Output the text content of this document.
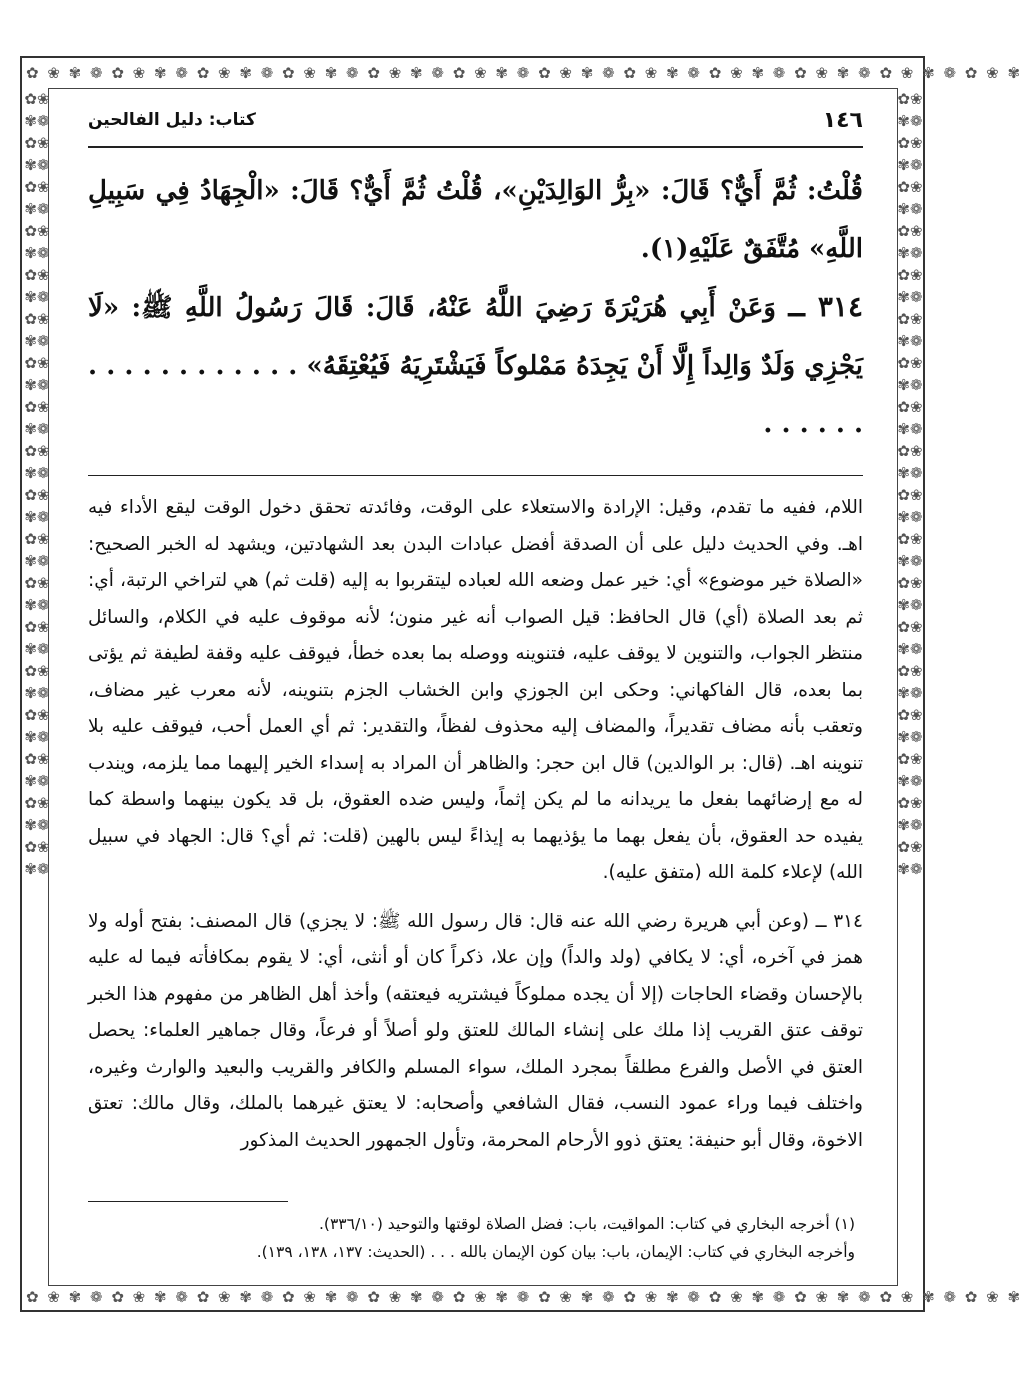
✿ ❀ ✾ ❁ ✿ ❀ ✾ ❁ ✿ ❀ ✾ ❁ ✿ ❀ ✾ ❁ ✿ ❀ ✾ ❁ ✿ ❀ ✾ ❁ ✿ ❀ ✾ ❁ ✿ ❀ ✾ ❁ ✿ ❀ ✾ ❁ ✿ ❀ ✾ ❁ ✿ ❀ ✾ ❁ ✿ ❀ ✾
✿ ❀ ✾ ❁ ✿ ❀ ✾ ❁ ✿ ❀ ✾ ❁ ✿ ❀ ✾ ❁ ✿ ❀ ✾ ❁ ✿ ❀ ✾ ❁ ✿ ❀ ✾ ❁ ✿ ❀ ✾ ❁ ✿ ❀ ✾ ❁ ✿ ❀ ✾ ❁ ✿ ❀ ✾ ❁ ✿ ❀ ✾
✿❀✾❁✿❀✾❁✿❀✾❁✿❀✾❁✿❀✾❁✿❀✾❁✿❀✾❁✿❀✾❁✿❀✾❁✿❀✾❁✿❀✾❁✿❀✾❁✿❀✾❁✿❀✾❁✿❀✾❁✿❀✾❁✿❀✾❁✿❀✾❁
✿❀✾❁✿❀✾❁✿❀✾❁✿❀✾❁✿❀✾❁✿❀✾❁✿❀✾❁✿❀✾❁✿❀✾❁✿❀✾❁✿❀✾❁✿❀✾❁✿❀✾❁✿❀✾❁✿❀✾❁✿❀✾❁✿❀✾❁✿❀✾❁
١٤٦
كتاب: دليل الفالحين

قُلْتُ: ثُمَّ أَيٌّ؟ قَالَ: «بِرُّ الوَالِدَيْنِ»، قُلْتُ ثُمَّ أَيٌّ؟ قَالَ: «الْجِهَادُ فِي سَبِيلِ اللَّهِ» مُتَّفَقٌ عَلَيْهِ(١).

٣١٤ ــ وَعَنْ أَبِي هُرَيْرَةَ رَضِيَ اللَّهُ عَنْهُ، قَالَ: قَالَ رَسُولُ اللَّهِ ﷺ: «لَا يَجْزِي وَلَدٌ وَالِداً إِلَّا أَنْ يَجِدَهُ مَمْلوكاً فَيَشْتَرِيَهُ فَيُعْتِقَهُ» . . . . . . . . . . . . . . . . . .

اللام، ففيه ما تقدم، وقيل: الإرادة والاستعلاء على الوقت، وفائدته تحقق دخول الوقت ليقع الأداء فيه اهـ. وفي الحديث دليل على أن الصدقة أفضل عبادات البدن بعد الشهادتين، ويشهد له الخبر الصحيح: «الصلاة خير موضوع» أي: خير عمل وضعه الله لعباده ليتقربوا به إليه (قلت ثم) هي لتراخي الرتبة، أي: ثم بعد الصلاة (أي) قال الحافظ: قيل الصواب أنه غير منون؛ لأنه موقوف عليه في الكلام، والسائل منتظر الجواب، والتنوين لا يوقف عليه، فتنوينه ووصله بما بعده خطأ، فيوقف عليه وقفة لطيفة ثم يؤتى بما بعده، قال الفاكهاني: وحكى ابن الجوزي وابن الخشاب الجزم بتنوينه، لأنه معرب غير مضاف، وتعقب بأنه مضاف تقديراً، والمضاف إليه محذوف لفظاً، والتقدير: ثم أي العمل أحب، فيوقف عليه بلا تنوينه اهـ. (قال: بر الوالدين) قال ابن حجر: والظاهر أن المراد به إسداء الخير إليهما مما يلزمه، ويندب له مع إرضائهما بفعل ما يريدانه ما لم يكن إثماً، وليس ضده العقوق، بل قد يكون بينهما واسطة كما يفيده حد العقوق، بأن يفعل بهما ما يؤذيهما به إيذاءً ليس بالهين (قلت: ثم أي؟ قال: الجهاد في سبيل الله) لإعلاء كلمة الله (متفق عليه).

٣١٤ ــ (وعن أبي هريرة رضي الله عنه قال: قال رسول الله ﷺ: لا يجزي) قال المصنف: بفتح أوله ولا همز في آخره، أي: لا يكافي (ولد والداً) وإن علا، ذكراً كان أو أنثى، أي: لا يقوم بمكافأته فيما له عليه بالإحسان وقضاء الحاجات (إلا أن يجده مملوكاً فيشتريه فيعتقه) وأخذ أهل الظاهر من مفهوم هذا الخبر توقف عتق القريب إذا ملك على إنشاء المالك للعتق ولو أصلاً أو فرعاً، وقال جماهير العلماء: يحصل العتق في الأصل والفرع مطلقاً بمجرد الملك، سواء المسلم والكافر والقريب والبعيد والوارث وغيره، واختلف فيما وراء عمود النسب، فقال الشافعي وأصحابه: لا يعتق غيرهما بالملك، وقال مالك: تعتق الاخوة، وقال أبو حنيفة: يعتق ذوو الأرحام المحرمة، وتأول الجمهور الحديث المذكور

(١) أخرجه البخاري في كتاب: المواقيت، باب: فضل الصلاة لوقتها والتوحيد (٣٣٦/١٠).

وأخرجه البخاري في كتاب: الإيمان، باب: بيان كون الإيمان بالله . . . (الحديث: ١٣٧، ١٣٨، ١٣٩).
